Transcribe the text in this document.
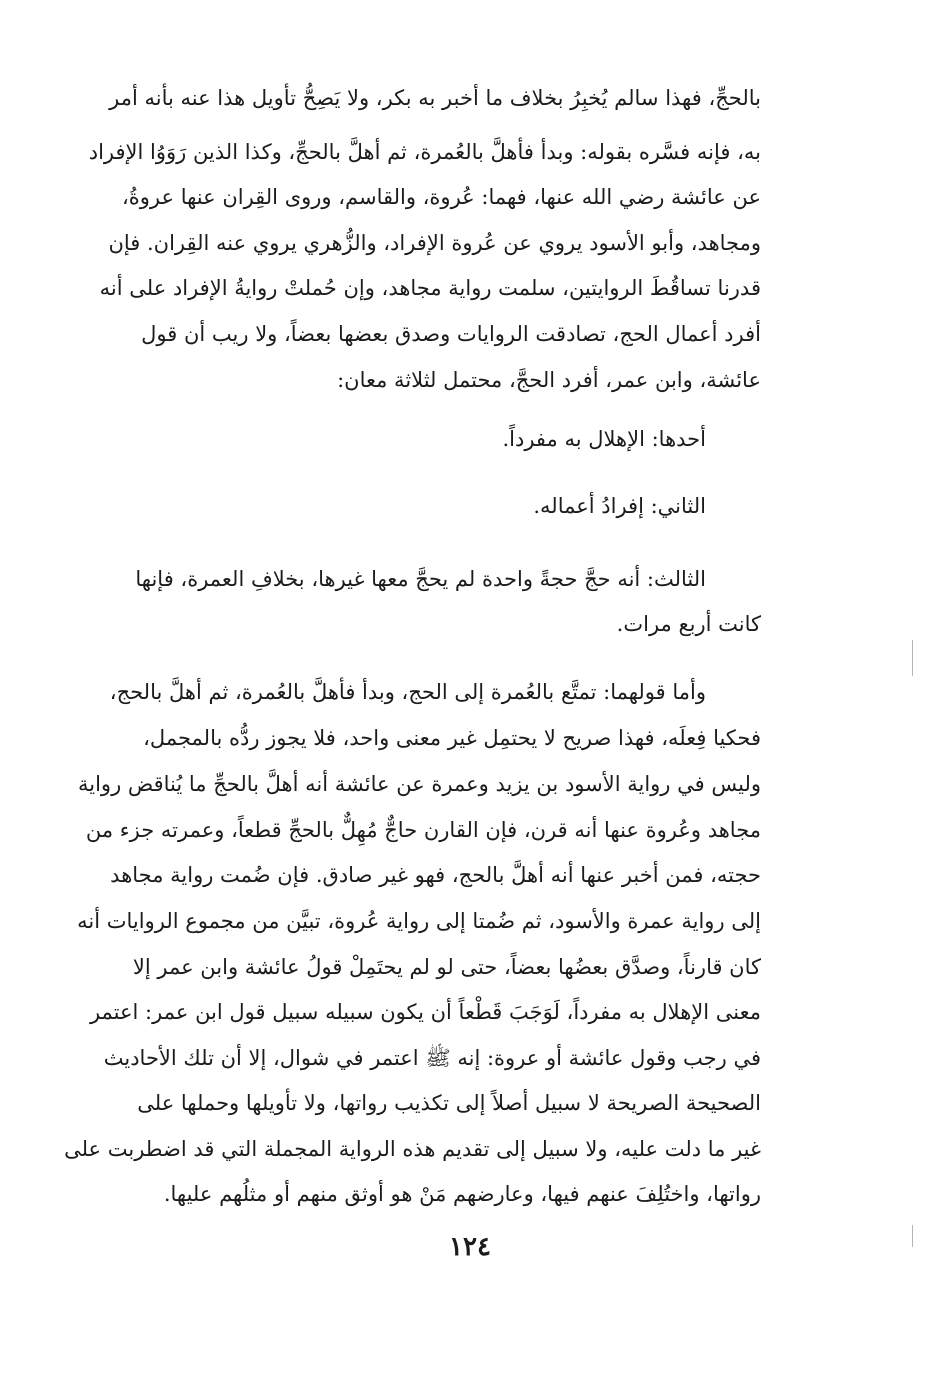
بالحجِّ، فهذا سالم يُخبِرُ بخلاف ما أخبر به بكر، ولا يَصِحُّ تأويل هذا عنه بأنه أمر
به، فإنه فسَّره بقوله: وبدأ فأهلَّ بالعُمرة، ثم أهلَّ بالحجِّ، وكذا الذين رَوَوُا الإفراد
عن عائشة رضي الله عنها، فهما: عُروة، والقاسم، وروى القِران عنها عروةُ،
ومجاهد، وأبو الأسود يروي عن عُروة الإفراد، والزُّهري يروي عنه القِران. فإن
قدرنا تساقُطَ الروايتين، سلمت رواية مجاهد، وإن حُملتْ روايةُ الإفراد على أنه
أفرد أعمال الحج، تصادقت الروايات وصدق بعضها بعضاً، ولا ريب أن قول
عائشة، وابن عمر، أفرد الحجَّ، محتمل لثلاثة معان:
أحدها: الإهلال به مفرداً.
الثاني: إفرادُ أعماله.
الثالث: أنه حجَّ حجةً واحدة لم يحجَّ معها غيرها، بخلافِ العمرة، فإنها
كانت أربع مرات.
وأما قولهما: تمتَّع بالعُمرة إلى الحج، وبدأ فأهلَّ بالعُمرة، ثم أهلَّ بالحج،
فحكيا فِعلَه، فهذا صريح لا يحتمِل غير معنى واحد، فلا يجوز ردُّه بالمجمل،
وليس في رواية الأسود بن يزيد وعمرة عن عائشة أنه أهلَّ بالحجِّ ما يُناقض رواية
مجاهد وعُروة عنها أنه قرن، فإن القارن حاجٌّ مُهِلٌّ بالحجِّ قطعاً، وعمرته جزء من
حجته، فمن أخبر عنها أنه أهلَّ بالحج، فهو غير صادق. فإن ضُمت رواية مجاهد
إلى رواية عمرة والأسود، ثم ضُمتا إلى رواية عُروة، تبيَّن من مجموع الروايات أنه
كان قارناً، وصدَّق بعضُها بعضاً، حتى لو لم يحتَمِلْ قولُ عائشة وابن عمر إلا
معنى الإهلال به مفرداً، لَوَجَبَ قَطْعاً أن يكون سبيله سبيل قول ابن عمر: اعتمر
في رجب وقول عائشة أو عروة: إنه ﷺ اعتمر في شوال، إلا أن تلك الأحاديث
الصحيحة الصريحة لا سبيل أصلاً إلى تكذيب رواتها، ولا تأويلها وحملها على
غير ما دلت عليه، ولا سبيل إلى تقديم هذه الرواية المجملة التي قد اضطربت على
رواتها، واختُلِفَ عنهم فيها، وعارضهم مَنْ هو أوثق منهم أو مثلُهم عليها.
١٢٤
